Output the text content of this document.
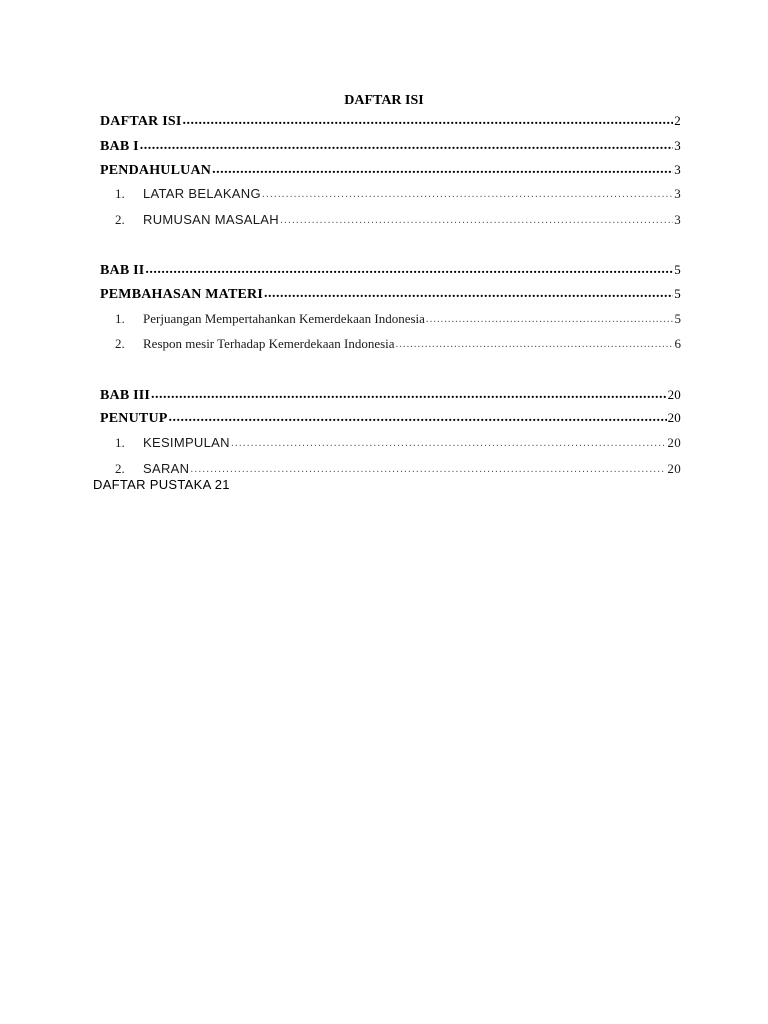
DAFTAR ISI
DAFTAR ISI .....	2
BAB I .....	3
PENDAHULUAN .....	3
1.	LATAR BELAKANG .....	3
2.	RUMUSAN MASALAH .....	3
BAB II .....	5
PEMBAHASAN MATERI .....	5
1.	Perjuangan Mempertahankan Kemerdekaan Indonesia .....	5
2.	Respon mesir Terhadap Kemerdekaan Indonesia .....	6
BAB III .....	20
PENUTUP .....	20
1.	KESIMPULAN .....	20
2.	SARAN .....	20
DAFTAR PUSTAKA 21
